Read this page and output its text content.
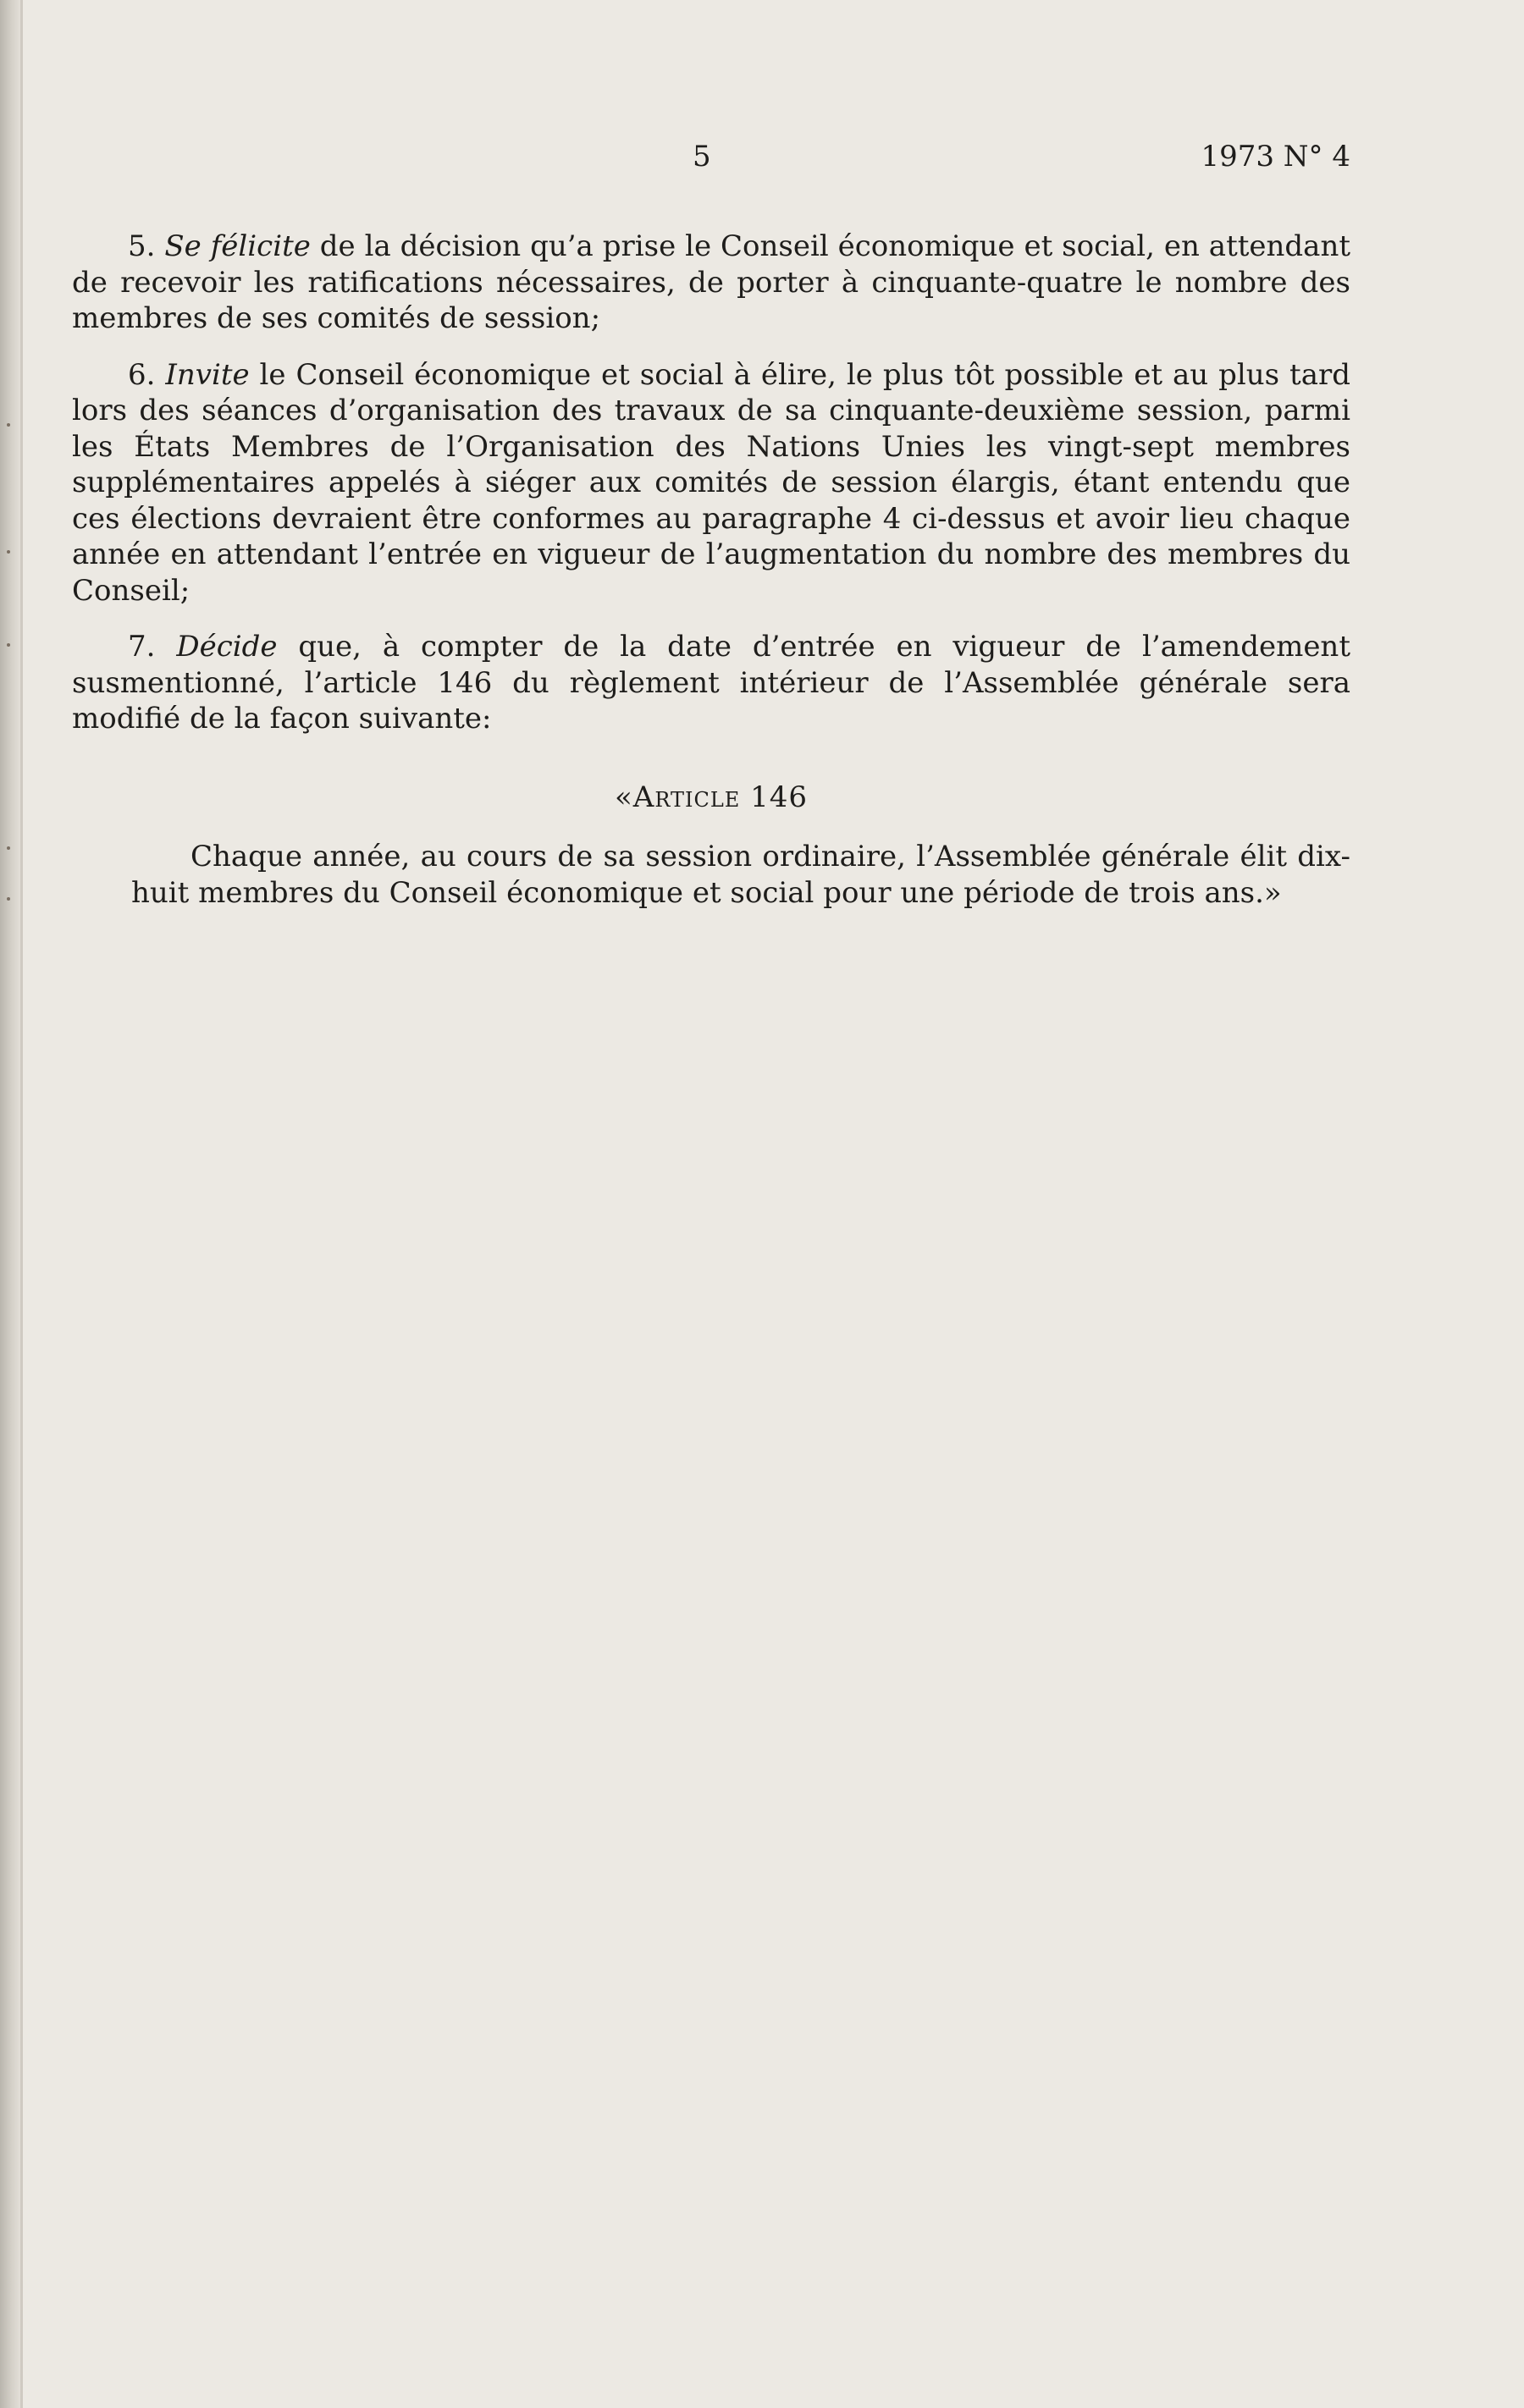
5	1973 N° 4

5. Se félicite de la décision qu’a prise le Conseil économique et social, en attendant de recevoir les ratifications nécessaires, de porter à cinquante-quatre le nombre des membres de ses comités de session;

6. Invite le Conseil économique et social à élire, le plus tôt possible et au plus tard lors des séances d’organisation des travaux de sa cinquante-deuxième session, parmi les États Membres de l’Organisation des Nations Unies les vingt-sept membres supplémentaires appelés à siéger aux comités de session élargis, étant entendu que ces élections devraient être conformes au paragraphe 4 ci-dessus et avoir lieu chaque année en attendant l’entrée en vigueur de l’augmentation du nombre des membres du Conseil;

7. Décide que, à compter de la date d’entrée en vigueur de l’amendement susmentionné, l’article 146 du règlement intérieur de l’Assemblée générale sera modifié de la façon suivante:

«Article 146

Chaque année, au cours de sa session ordinaire, l’Assemblée générale élit dix-huit membres du Conseil économique et social pour une période de trois ans.»
